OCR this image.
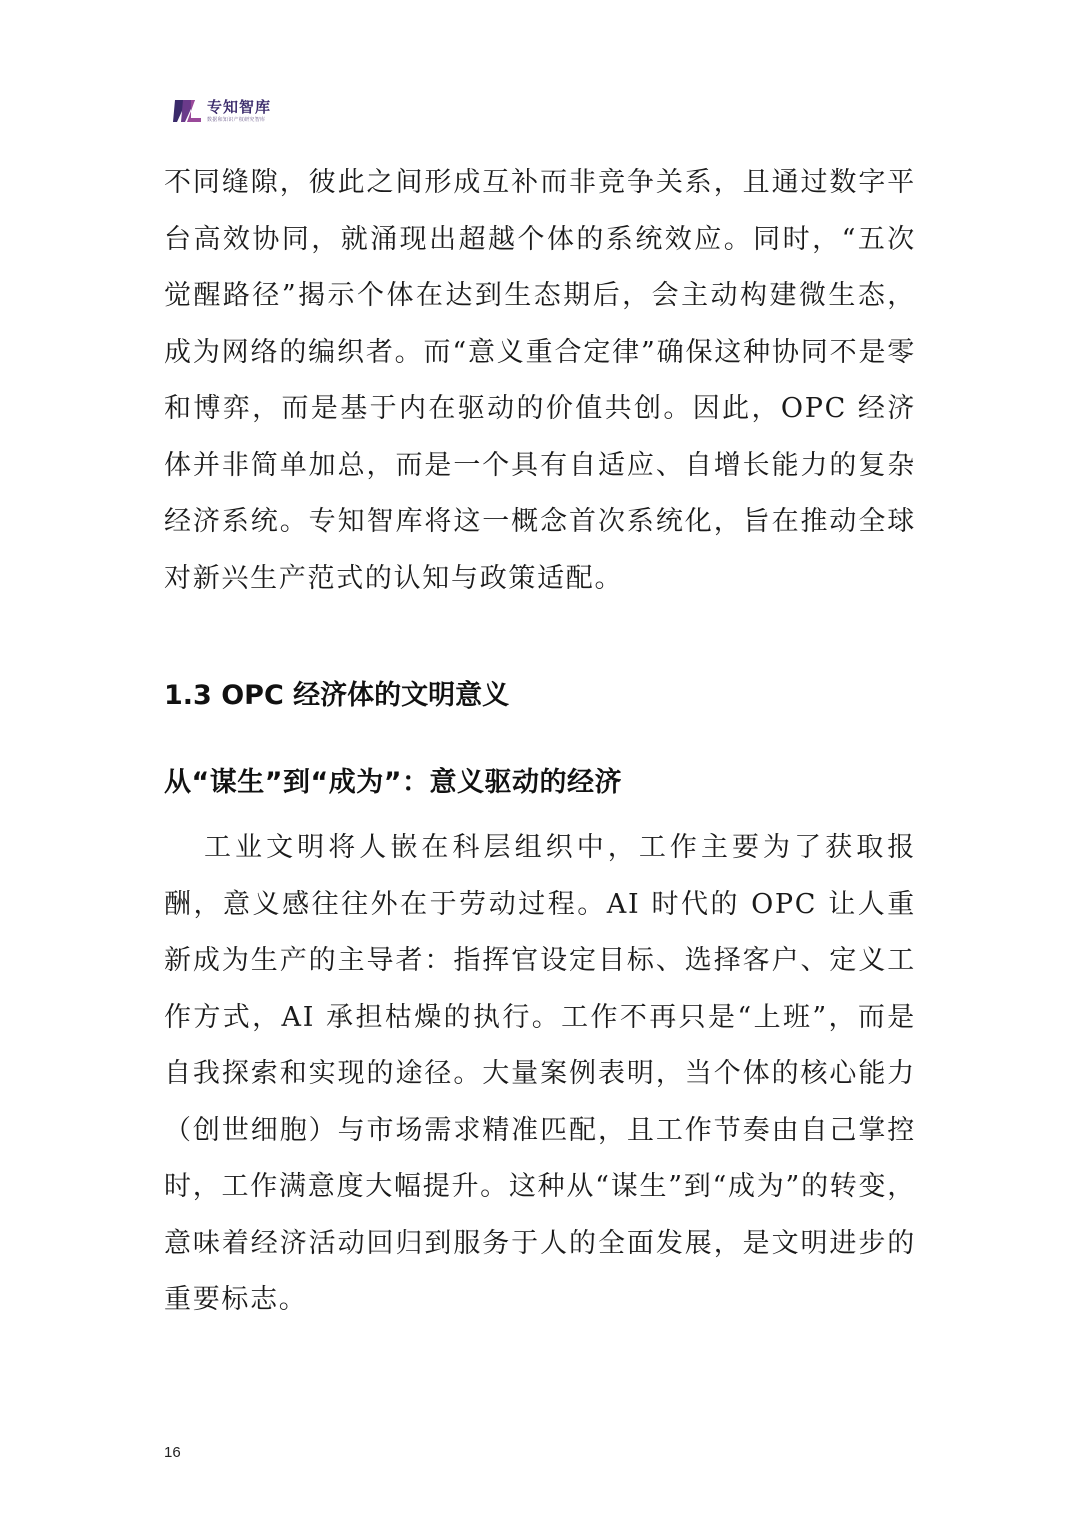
专知智库
数据和知识产权研究智库

不同缝隙，彼此之间形成互补而非竞争关系，且通过数字平台高效协同，就涌现出超越个体的系统效应。同时，“五次觉醒路径”揭示个体在达到生态期后，会主动构建微生态，成为网络的编织者。而“意义重合定律”确保这种协同不是零和博弈，而是基于内在驱动的价值共创。因此，OPC 经济体并非简单加总，而是一个具有自适应、自增长能力的复杂经济系统。专知智库将这一概念首次系统化，旨在推动全球对新兴生产范式的认知与政策适配。

1.3 OPC 经济体的文明意义
从“谋生”到“成为”：意义驱动的经济

工业文明将人嵌在科层组织中，工作主要为了获取报酬，意义感往往外在于劳动过程。AI 时代的 OPC 让人重新成为生产的主导者：指挥官设定目标、选择客户、定义工作方式，AI 承担枯燥的执行。工作不再只是“上班”，而是自我探索和实现的途径。大量案例表明，当个体的核心能力（创世细胞）与市场需求精准匹配，且工作节奏由自己掌控时，工作满意度大幅提升。这种从“谋生”到“成为”的转变，意味着经济活动回归到服务于人的全面发展，是文明进步的重要标志。

16
